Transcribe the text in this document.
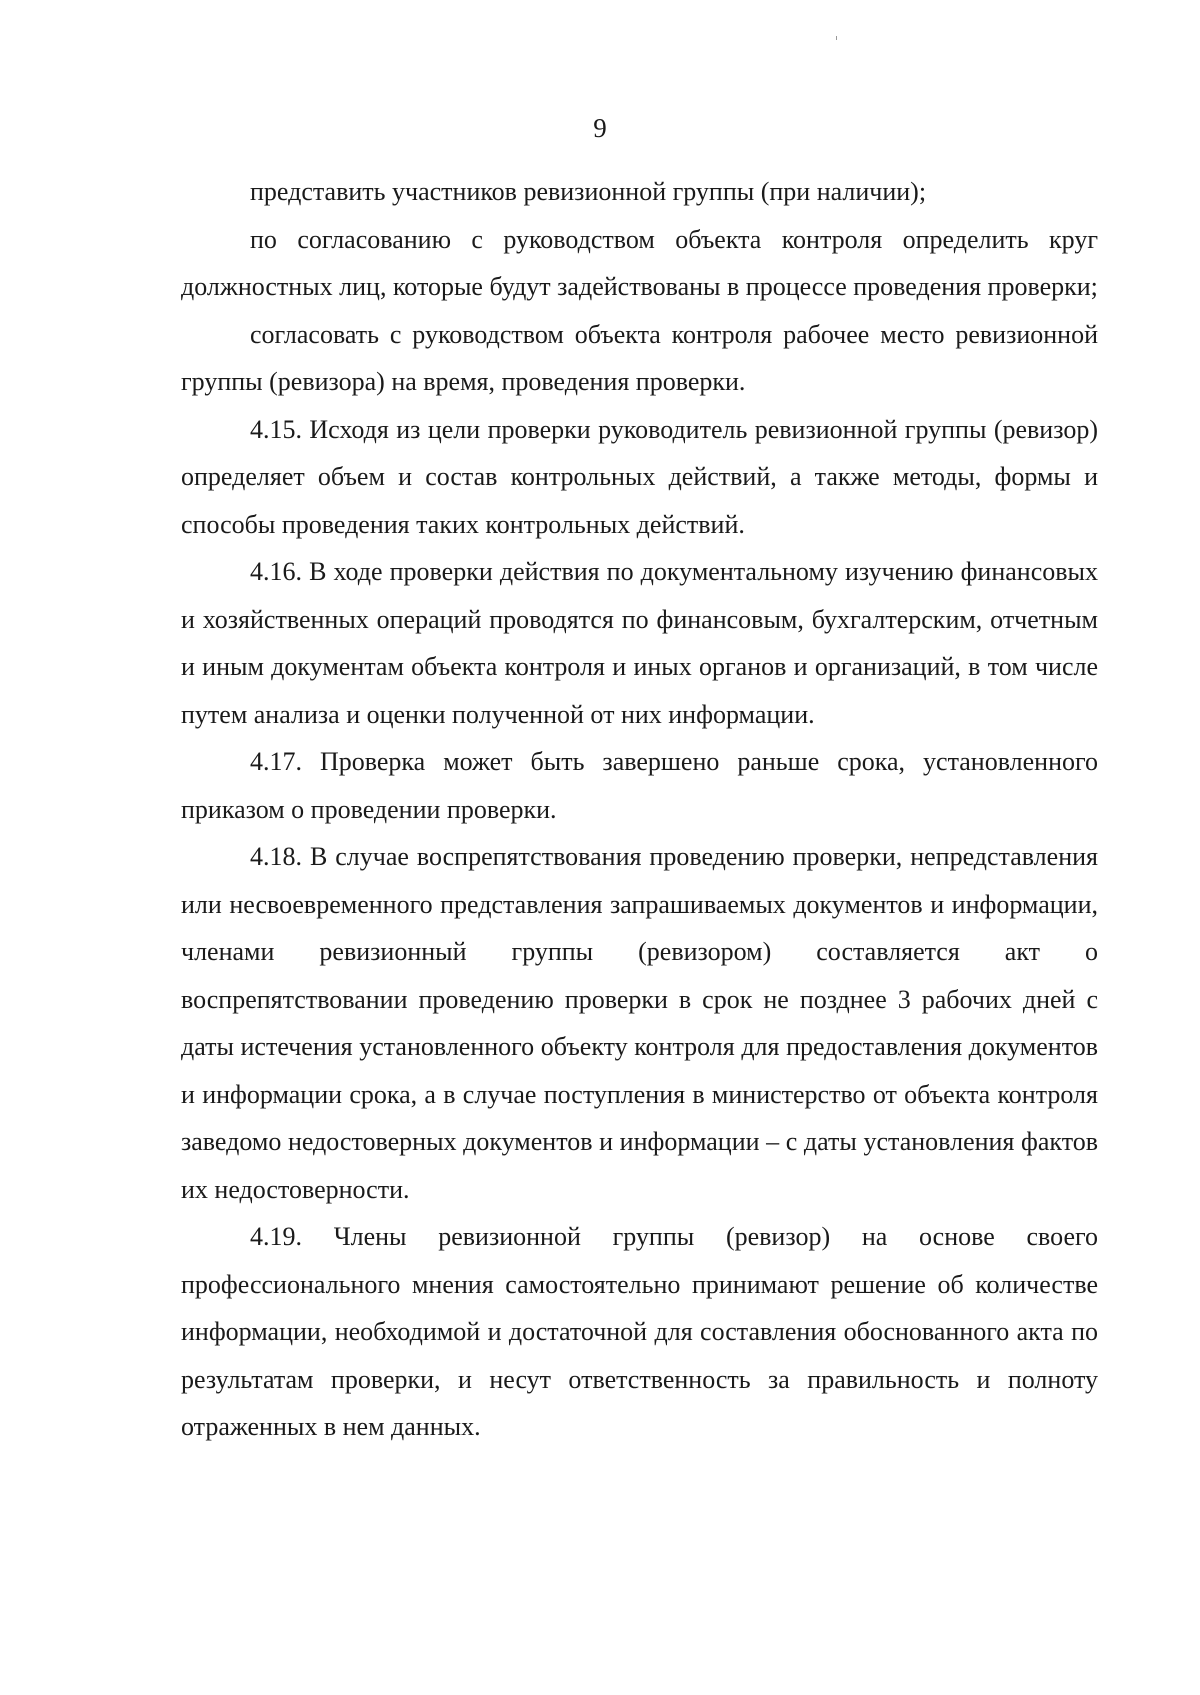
9

представить участников ревизионной группы (при наличии);

по согласованию с руководством объекта контроля определить круг должностных лиц, которые будут задействованы в процессе проведения проверки;

согласовать с руководством объекта контроля рабочее место ревизионной группы (ревизора) на время, проведения проверки.

4.15. Исходя из цели проверки руководитель ревизионной группы (ревизор) определяет объем и состав контрольных действий, а также методы, формы и способы проведения таких контрольных действий.

4.16. В ходе проверки действия по документальному изучению финансовых и хозяйственных операций проводятся по финансовым, бухгалтерским, отчетным и иным документам объекта контроля и иных органов и организаций, в том числе путем анализа и оценки полученной от них информации.

4.17. Проверка может быть завершено раньше срока, установленного приказом о проведении проверки.

4.18. В случае воспрепятствования проведению проверки, непредставления или несвоевременного представления запрашиваемых документов и информации, членами ревизионный группы (ревизором) составляется акт о воспрепятствовании проведению проверки в срок не позднее 3 рабочих дней с даты истечения установленного объекту контроля для предоставления документов и информации срока, а в случае поступления в министерство от объекта контроля заведомо недостоверных документов и информации – с даты установления фактов их недостоверности.

4.19. Члены ревизионной группы (ревизор) на основе своего профессионального мнения самостоятельно принимают решение об количестве информации, необходимой и достаточной для составления обоснованного акта по результатам проверки, и несут ответственность за правильность и полноту отраженных в нем данных.
